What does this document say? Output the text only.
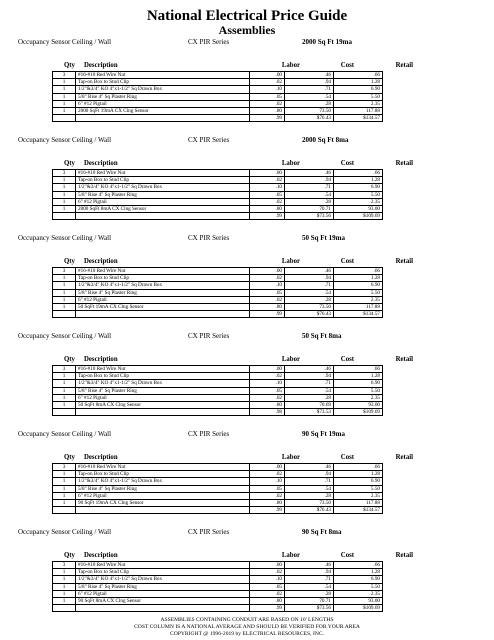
National Electrical Price Guide
Assemblies
Occupancy Sensor Ceiling / Wall	CX PIR Series	2000 Sq Ft 19ma
Qty Description	Labor	Cost	Retail
3	#16-#10 Red Wire Nut	.00	.46	.66
1	Tap-on Box to Stud Clip	.02	.94	1.28
1	1/2"&3/4" KO 4"x1-1/2" Sq Drawn Box	.10	.71	6.90
1	5/8" Rise 4" Sq Plaster Ring	.05	.54	5.50
1	6" #12 Pigtail	.02	.28	2.35
1	2000 SqFt 19mA CX Clng Sensor	.80	73.50	117.88
		.99	$76.43	$134.57
Occupancy Sensor Ceiling / Wall	CX PIR Series	2000 Sq Ft 8ma
Qty Description	Labor	Cost	Retail
3	#16-#10 Red Wire Nut	.00	.46	.66
1	Tap-on Box to Stud Clip	.02	.94	1.28
1	1/2"&3/4" KO 4"x1-1/2" Sq Drawn Box	.10	.71	6.90
1	5/8" Rise 4" Sq Plaster Ring	.05	.54	5.50
1	6" #12 Pigtail	.02	.28	2.35
1	2000 SqFt 8mA CX Clng Sensor	.80	70.71	93.00
		.99	$73.56	$109.69
Occupancy Sensor Ceiling / Wall	CX PIR Series	50 Sq Ft 19ma
Qty Description	Labor	Cost	Retail
3	#16-#10 Red Wire Nut	.00	.46	.66
1	Tap-on Box to Stud Clip	.02	.94	1.28
1	1/2"&3/4" KO 4"x1-1/2" Sq Drawn Box	.10	.71	6.90
1	5/8" Rise 4" Sq Plaster Ring	.05	.54	5.50
1	6" #12 Pigtail	.02	.28	2.35
1	50 SqFt 19mA CX Clng Sensor	.80	73.50	117.88
		.99	$76.43	$134.57
Occupancy Sensor Ceiling / Wall	CX PIR Series	50 Sq Ft 8ma
Qty Description	Labor	Cost	Retail
3	#16-#10 Red Wire Nut	.00	.46	.66
1	Tap-on Box to Stud Clip	.02	.94	1.28
1	1/2"&3/4" KO 4"x1-1/2" Sq Drawn Box	.10	.71	6.90
1	5/8" Rise 4" Sq Plaster Ring	.05	.54	5.50
1	6" #12 Pigtail	.02	.28	2.35
1	50 SqFt 8mA CX Clng Sensor	.80	70.69	93.00
		.98	$73.53	$109.69
Occupancy Sensor Ceiling / Wall	CX PIR Series	90 Sq Ft 19ma
Qty Description	Labor	Cost	Retail
3	#16-#10 Red Wire Nut	.00	.46	.66
1	Tap-on Box to Stud Clip	.02	.94	1.28
1	1/2"&3/4" KO 4"x1-1/2" Sq Drawn Box	.10	.71	6.90
1	5/8" Rise 4" Sq Plaster Ring	.05	.54	5.50
1	6" #12 Pigtail	.02	.28	2.35
1	90 SqFt 19mA CX Clng Sensor	.80	73.50	117.88
		.99	$76.43	$134.57
Occupancy Sensor Ceiling / Wall	CX PIR Series	90 Sq Ft 8ma
Qty Description	Labor	Cost	Retail
3	#16-#10 Red Wire Nut	.00	.46	.66
1	Tap-on Box to Stud Clip	.02	.94	1.28
1	1/2"&3/4" KO 4"x1-1/2" Sq Drawn Box	.10	.71	6.90
1	5/8" Rise 4" Sq Plaster Ring	.05	.54	5.50
1	6" #12 Pigtail	.02	.28	2.35
1	90 SqFt 8mA CX Clng Sensor	.80	70.71	93.00
		.99	$73.56	$109.69
ASSEMBLIES CONTAINING CONDUIT ARE BASED ON 10' LENGTHS
COST COLUMN IS A NATIONAL AVERAGE AND SHOULD BE VERIFIED FOR YOUR AREA
COPYRIGHT @ 1996-2019 by ELECTRICAL RESOURCES, INC.
